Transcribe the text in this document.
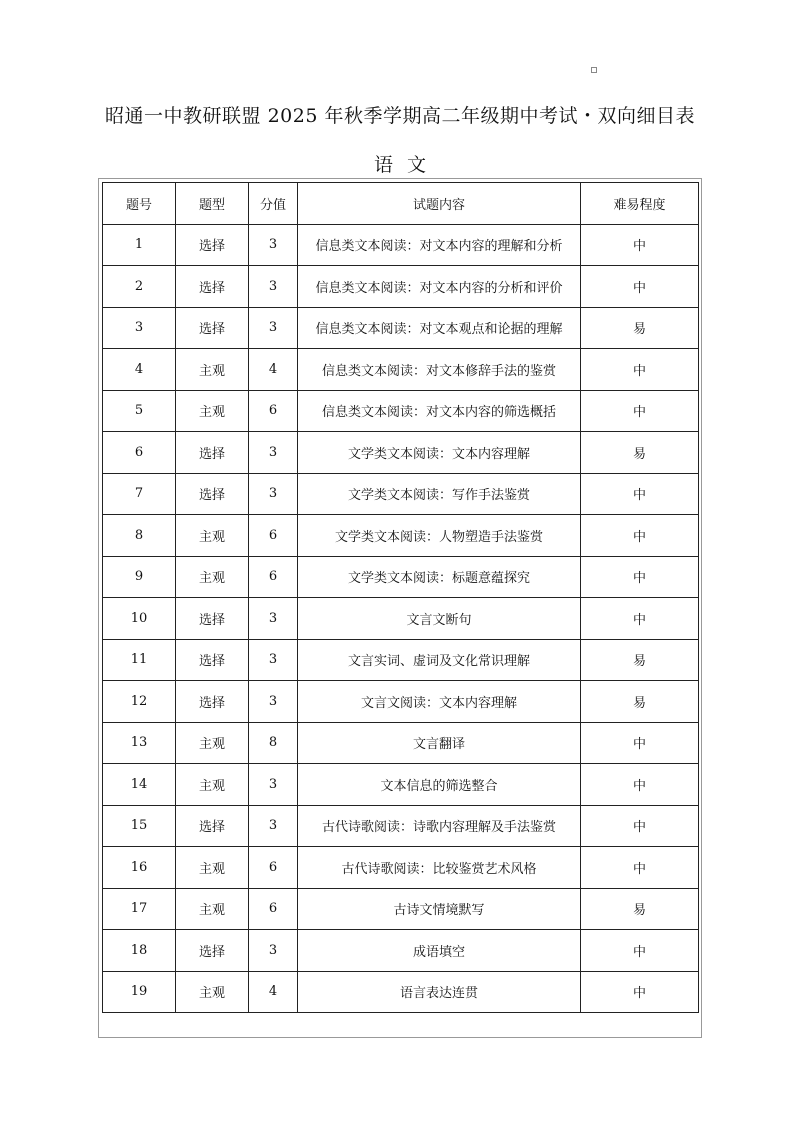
昭通一中教研联盟 2025 年秋季学期高二年级期中考试・双向细目表
语文
题号	题型	分值	试题内容	难易程度
1	选择	3	信息类文本阅读：对文本内容的理解和分析	中
2	选择	3	信息类文本阅读：对文本内容的分析和评价	中
3	选择	3	信息类文本阅读：对文本观点和论据的理解	易
4	主观	4	信息类文本阅读：对文本修辞手法的鉴赏	中
5	主观	6	信息类文本阅读：对文本内容的筛选概括	中
6	选择	3	文学类文本阅读：文本内容理解	易
7	选择	3	文学类文本阅读：写作手法鉴赏	中
8	主观	6	文学类文本阅读：人物塑造手法鉴赏	中
9	主观	6	文学类文本阅读：标题意蕴探究	中
10	选择	3	文言文断句	中
11	选择	3	文言实词、虚词及文化常识理解	易
12	选择	3	文言文阅读：文本内容理解	易
13	主观	8	文言翻译	中
14	主观	3	文本信息的筛选整合	中
15	选择	3	古代诗歌阅读：诗歌内容理解及手法鉴赏	中
16	主观	6	古代诗歌阅读：比较鉴赏艺术风格	中
17	主观	6	古诗文情境默写	易
18	选择	3	成语填空	中
19	主观	4	语言表达连贯	中
